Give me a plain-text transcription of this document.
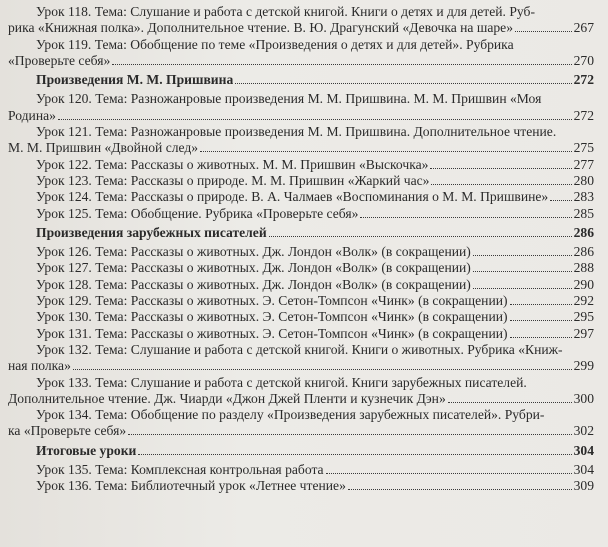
Урок 118. Тема: Слушание и работа с детской книгой. Книги о детях и для детей. Руб-
рика «Книжная полка». Дополнительное чтение. В. Ю. Драгунский «Девочка на шаре»	267
Урок 119. Тема: Обобщение по теме «Произведения о детях и для детей». Рубрика
«Проверьте себя»	270
Произведения М. М. Пришвина	272
Урок 120. Тема: Разножанровые произведения М. М. Пришвина. М. М. Пришвин «Моя
Родина»	272
Урок 121. Тема: Разножанровые произведения М. М. Пришвина. Дополнительное чтение.
М. М. Пришвин «Двойной след»	275
Урок 122. Тема: Рассказы о животных. М. М. Пришвин «Выскочка»	277
Урок 123. Тема: Рассказы о природе. М. М. Пришвин «Жаркий час»	280
Урок 124. Тема: Рассказы о природе. В. А. Чалмаев «Воспоминания о М. М. Пришвине» 283
Урок 125. Тема: Обобщение. Рубрика «Проверьте себя»	285
Произведения зарубежных писателей	286
Урок 126. Тема: Рассказы о животных. Дж. Лондон «Волк» (в сокращении)	286
Урок 127. Тема: Рассказы о животных. Дж. Лондон «Волк» (в сокращении)	288
Урок 128. Тема: Рассказы о животных. Дж. Лондон «Волк» (в сокращении)	290
Урок 129. Тема: Рассказы о животных. Э. Сетон-Томпсон «Чинк» (в сокращении)	292
Урок 130. Тема: Рассказы о животных. Э. Сетон-Томпсон «Чинк» (в сокращении)	295
Урок 131. Тема: Рассказы о животных. Э. Сетон-Томпсон «Чинк» (в сокращении)	297
Урок 132. Тема: Слушание и работа с детской книгой. Книги о животных. Рубрика «Книж-
ная полка»	299
Урок 133. Тема: Слушание и работа с детской книгой. Книги зарубежных писателей.
Дополнительное чтение. Дж. Чиарди «Джон Джей Пленти и кузнечик Дэн»	300
Урок 134. Тема: Обобщение по разделу «Произведения зарубежных писателей». Рубри-
ка «Проверьте себя»	302
Итоговые уроки	304
Урок 135. Тема: Комплексная контрольная работа	304
Урок 136. Тема: Библиотечный урок «Летнее чтение»	309
